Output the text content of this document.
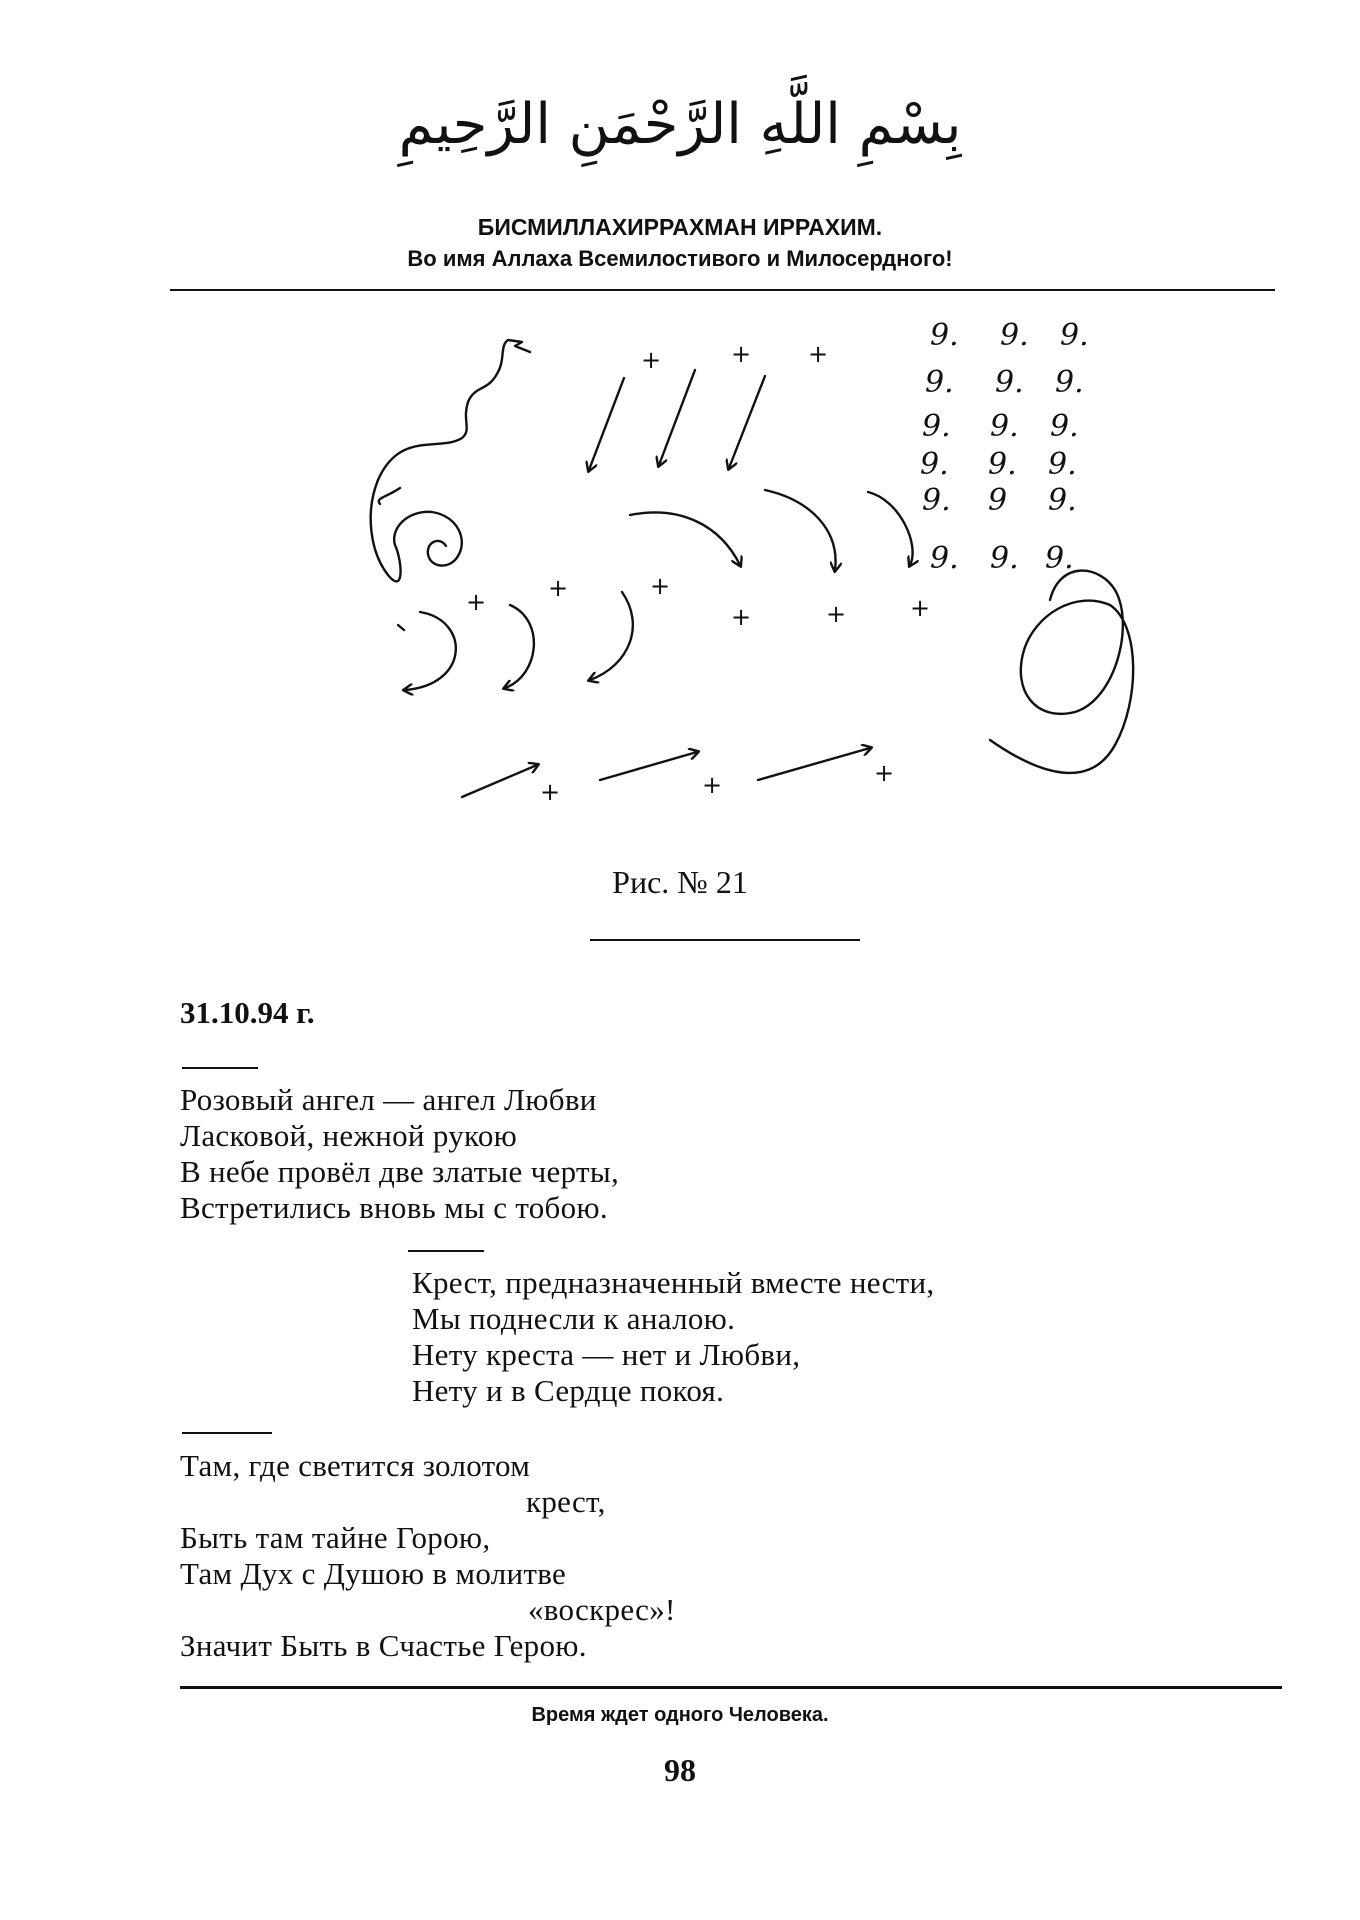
بِسْمِ اللَّهِ الرَّحْمَنِ الرَّحِيمِ
БИСМИЛЛАХИРРАХМАН ИРРАХИМ.
Во имя Аллаха Всемилостивого и Милосердного!
+	+ +
+	+	+
+	+	+
+	+	+
9. 9. 9.
9. 9. 9.
9. 9. 9.
9. 9. 9.
9. 9 9.
9. 9. 9.
Рис. № 21
31.10.94 г.
Розовый ангел — ангел Любви
Ласковой, нежной рукою
В небе провёл две златые черты,
Встретились вновь мы с тобою.
Крест, предназначенный вместе нести,
Мы поднесли к аналою.
Нету креста — нет и Любви,
Нету и в Сердце покоя.
Там, где светится золотом
крест,
Быть там тайне Горою,
Там Дух с Душою в молитве
«воскрес»!
Значит Быть в Счастье Герою.
Время ждет одного Человека.
98
